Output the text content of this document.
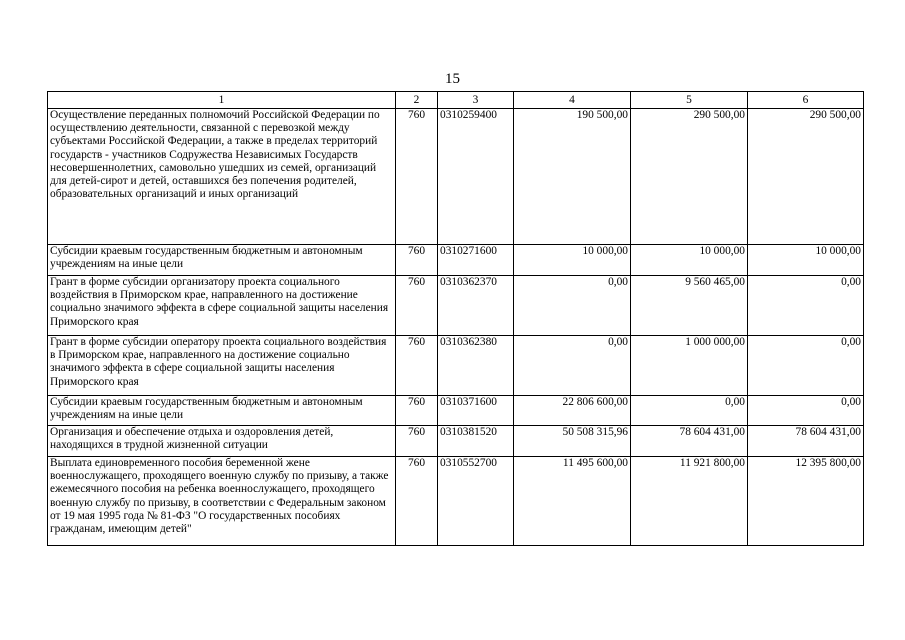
15
1	2	3	4	5	6
Осуществление переданных полномочий Российской Федерации по осуществлению деятельности, связанной с перевозкой между субъектами Российской Федерации, а также в пределах территорий государств - участников Содружества Независимых Государств несовершеннолетних, самовольно ушедших из семей, организаций для детей-сирот и детей, оставшихся без попечения родителей, образовательных организаций и иных организаций	760	0310259400	190 500,00	290 500,00	290 500,00
Субсидии краевым государственным бюджетным и автономным учреждениям на иные цели	760	0310271600	10 000,00	10 000,00	10 000,00
Грант в форме субсидии организатору проекта социального воздействия в Приморском крае, направленного на достижение социально значимого эффекта в сфере социальной защиты населения Приморского края	760	0310362370	0,00	9 560 465,00	0,00
Грант в форме субсидии оператору проекта социального воздействия в Приморском крае, направленного на достижение социально значимого эффекта в сфере социальной защиты населения Приморского края	760	0310362380	0,00	1 000 000,00	0,00
Субсидии краевым государственным бюджетным и автономным учреждениям на иные цели	760	0310371600	22 806 600,00	0,00	0,00
Организация и обеспечение отдыха и оздоровления детей, находящихся в трудной жизненной ситуации	760	0310381520	50 508 315,96	78 604 431,00	78 604 431,00
Выплата единовременного пособия беременной жене военнослужащего, проходящего военную службу по призыву, а также ежемесячного пособия на ребенка военнослужащего, проходящего военную службу по призыву, в соответствии с Федеральным законом от 19 мая 1995 года № 81-ФЗ "О государственных пособиях гражданам, имеющим детей"	760	0310552700	11 495 600,00	11 921 800,00	12 395 800,00
